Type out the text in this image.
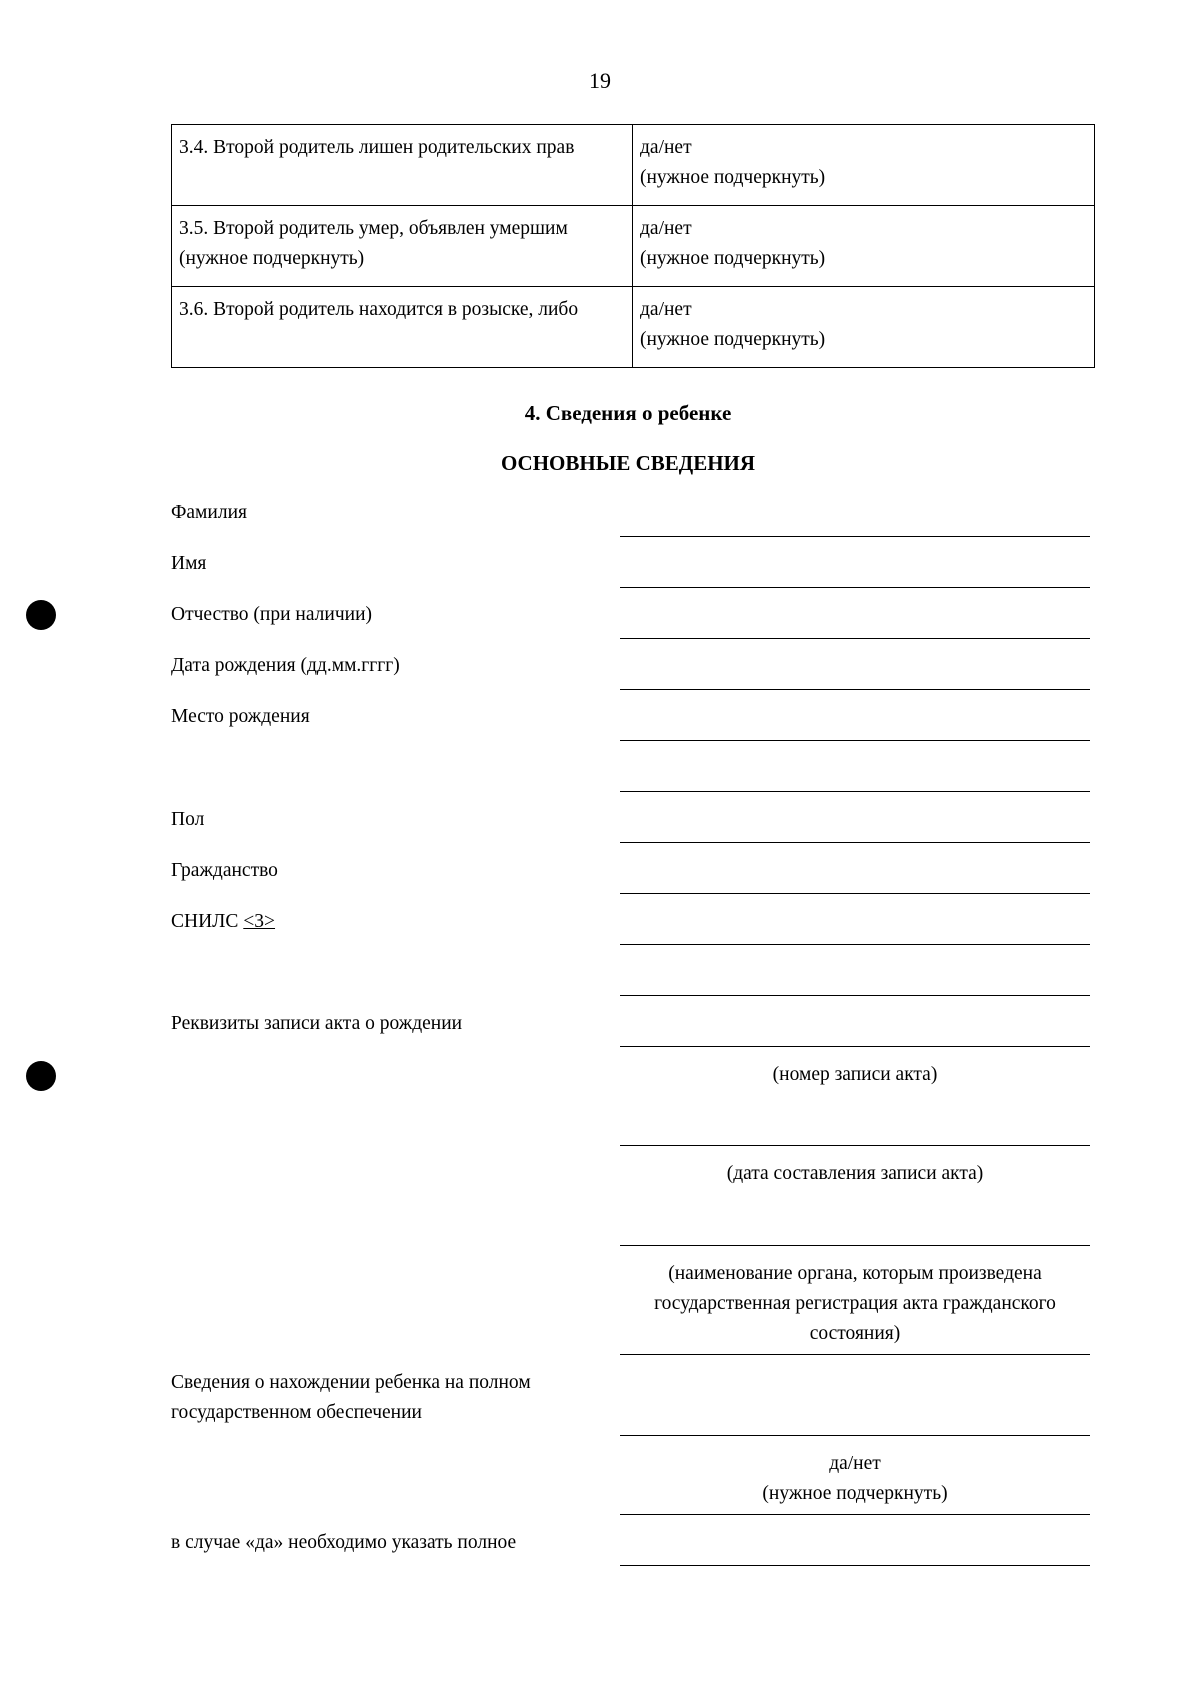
19
3.4. Второй родитель лишен родительских прав	да/нет
(нужное подчеркнуть)

3.5. Второй родитель умер, объявлен умершим (нужное подчеркнуть)	да/нет
(нужное подчеркнуть)

3.6. Второй родитель находится в розыске, либо	да/нет
(нужное подчеркнуть)
4. Сведения о ребенке
ОСНОВНЫЕ СВЕДЕНИЯ
Фамилия
Имя
Отчество (при наличии)
Дата рождения (дд.мм.гггг)
Место рождения
Пол
Гражданство
СНИЛС <3>
Реквизиты записи акта о рождении
(номер записи акта)
(дата составления записи акта)
(наименование органа, которым произведена государственная регистрация акта гражданского состояния)
Сведения о нахождении ребенка на полном государственном обеспечении
да/нет
(нужное подчеркнуть)
в случае «да» необходимо указать полное
